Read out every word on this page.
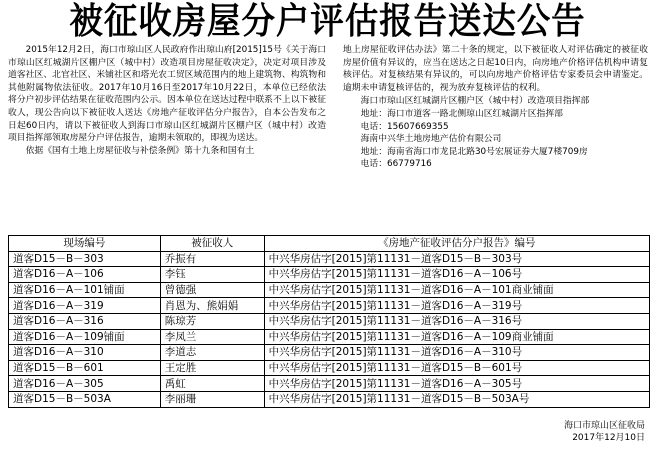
被征收房屋分户评估报告送达公告

2015年12月2日，海口市琼山区人民政府作出琼山府[2015]15号《关于海口市琼山区红城湖片区棚户区（城中村）改造项目房屋征收决定》，决定对项目涉及道客社区、北官社区、米铺社区和塔光农工贸区域范围内的地上建筑物、构筑物和其他附属物依法征收。2017年10月16日至2017年10月22日，本单位已经依法将分户初步评估结果在征收范围内公示。因本单位在送达过程中联系不上以下被征收人，现公告向以下被征收人送达《房地产征收评估分户报告》，自本公告发布之日起60日内，请以下被征收人到海口市琼山区红城湖片区棚户区（城中村）改造项目指挥部领取房屋分户评估报告，逾期未领取的，即视为送达。

依据《国有土地上房屋征收与补偿条例》第十九条和国有土

地上房屋征收评估办法》第二十条的规定，以下被征收人对评估确定的被征收房屋价值有异议的，应当在送达之日起10日内，向房地产价格评估机构申请复核评估。对复核结果有异议的，可以向房地产价格评估专家委员会申请鉴定。逾期未申请复核评估的，视为放弃复核评估的权利。

海口市琼山区红城湖片区棚户区（城中村）改造项目指挥部
地址：海口市道客一路北侧琼山区红城湖片区指挥部
电话：15607669355
海南中兴华土地房地产估价有限公司
地址：海南省海口市龙昆北路30号宏展证券大厦7楼709房
电话：66779716
现场编号	被征收人	《房地产征收评估分户报告》编号
道客D15－B－303	乔振有	中兴华房估字[2015]第11131－道客D15－B－303号
道客D16－A－106	李钰	中兴华房估字[2015]第11131－道客D16－A－106号
道客D16－A－101铺面	曾德强	中兴华房估字[2015]第11131－道客D16－A－101商业铺面
道客D16－A－319	肖恩为、熊娟娟	中兴华房估字[2015]第11131－道客D16－A－319号
道客D16－A－316	陈琼芳	中兴华房估字[2015]第11131－道客D16－A－316号
道客D16－A－109铺面	李凤兰	中兴华房估字[2015]第11131－道客D16－A－109商业铺面
道客D16－A－310	李道志	中兴华房估字[2015]第11131－道客D16－A－310号
道客D15－B－601	王定胜	中兴华房估字[2015]第11131－道客D15－B－601号
道客D16－A－305	禹虹	中兴华房估字[2015]第11131－道客D16－A－305号
道客D15－B－503A	李丽珊	中兴华房估字[2015]第11131－道客D15－B－503A号
海口市琼山区征收局
2017年12月10日
